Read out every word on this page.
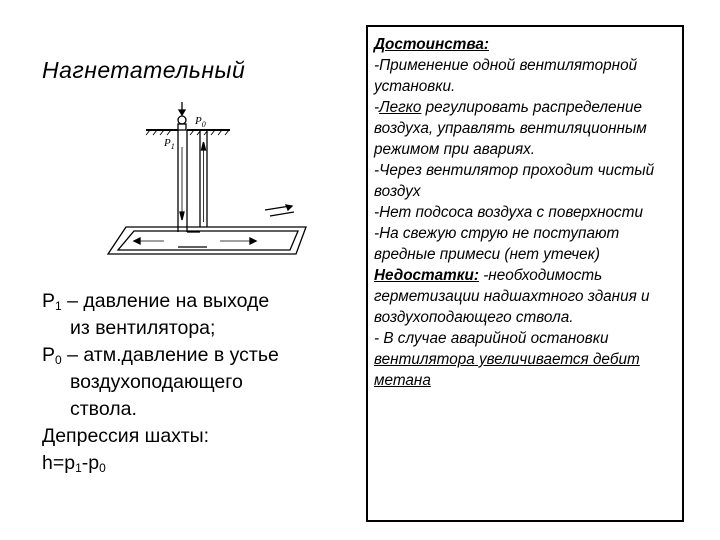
Нагнетательный
$P_0$
$P_1$

$P_1$ – давление на выходе

из вентилятора;

$P_0$ – атм.давление в устье

воздухоподающего

ствола.

Депрессия шахты:

$h=p_1-p_0$

Достоинства:

-Применение одной вентиляторной установки.

-Легко регулировать распределение воздуха, управлять вентиляционным режимом при авариях.

-Через вентилятор проходит чистый воздух

-Нет подсоса воздуха с поверхности

-На свежую струю не поступают вредные примеси (нет утечек)

Недостатки: -необходимость герметизации надшахтного здания и воздухоподающего ствола.

- В случае аварийной остановки вентилятора увеличивается дебит метана
